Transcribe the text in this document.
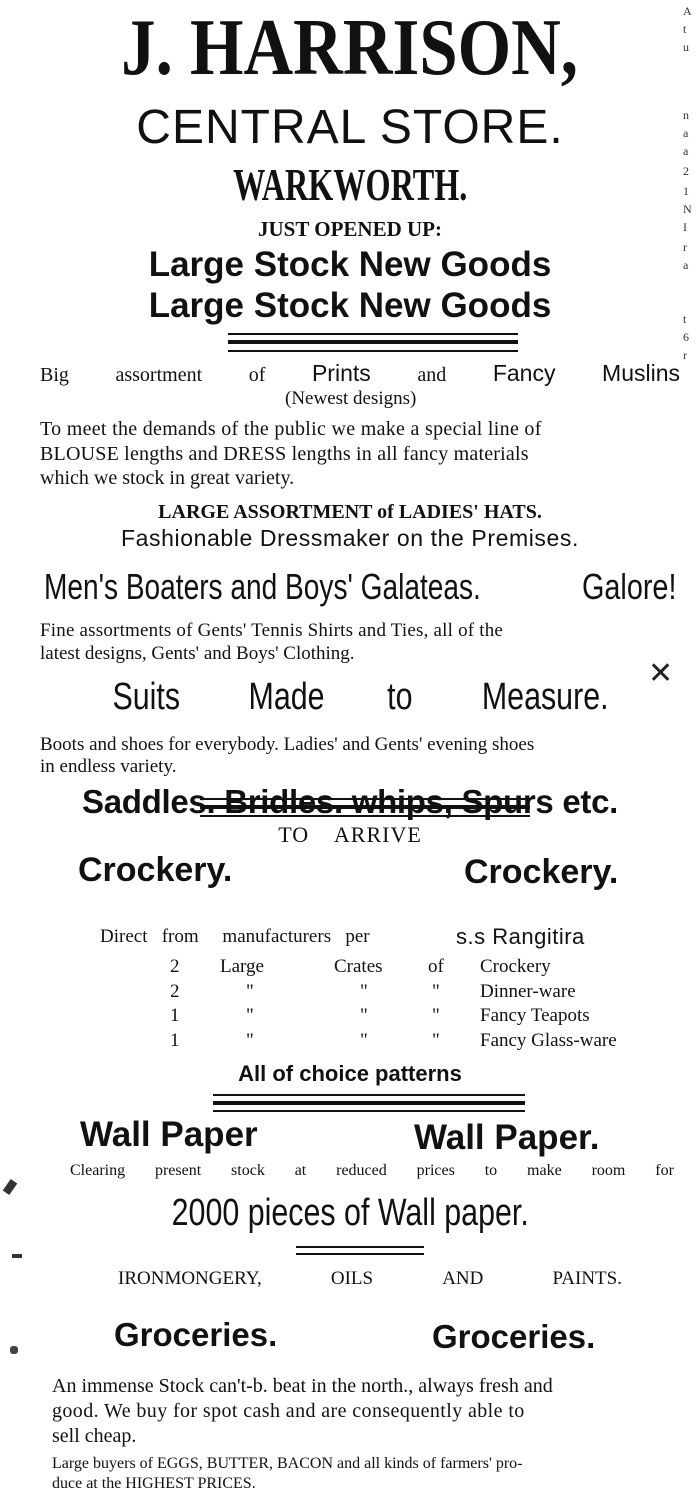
J. HARRISON,
CENTRAL STORE.
WARKWORTH.
JUST OPENED UP:
Large Stock New Goods
Large Stock New Goods
Big assortment of Prints and Fancy Muslins
(Newest designs)
To meet the demands of the public we make a special line of
BLOUSE lengths and DRESS lengths in all fancy materials
which we stock in great variety.
LARGE ASSORTMENT of LADIES' HATS.
Fashionable Dressmaker on the Premises.
Men's Boaters and Boys' Galateas.	Galore!
Fine assortments of Gents' Tennis Shirts and Ties, all of the
latest designs, Gents' and Boys' Clothing.
Suits Made to Measure.
✕
Boots and shoes for everybody. Ladies' and Gents' evening shoes
in endless variety.
Saddles. Bridles. whips, Spurs etc.
TO    ARRIVE
Crockery.	Crockery.
Direct from manufacturers per	s.s Rangitira
2 Large	Crates of Crockery
2	"	"	" Dinner-ware
1	"	"	" Fancy Teapots
1	"	"	" Fancy Glass-ware
All of choice patterns
Wall Paper	Wall Paper.
Clearing present stock at reduced prices to make room for
2000 pieces of Wall paper.
IRONMONGERY,	OILS	AND	PAINTS.
Groceries.	Groceries.
An immense Stock can't-b. beat in the north., always fresh and
good. We buy for spot cash and are consequently able to
sell cheap.
Large buyers of EGGS, BUTTER, BACON and all kinds of farmers' pro-
duce at the HIGHEST PRICES.
A
t
u
n
a
a
2
1
N
I
r
a
t
6
r
